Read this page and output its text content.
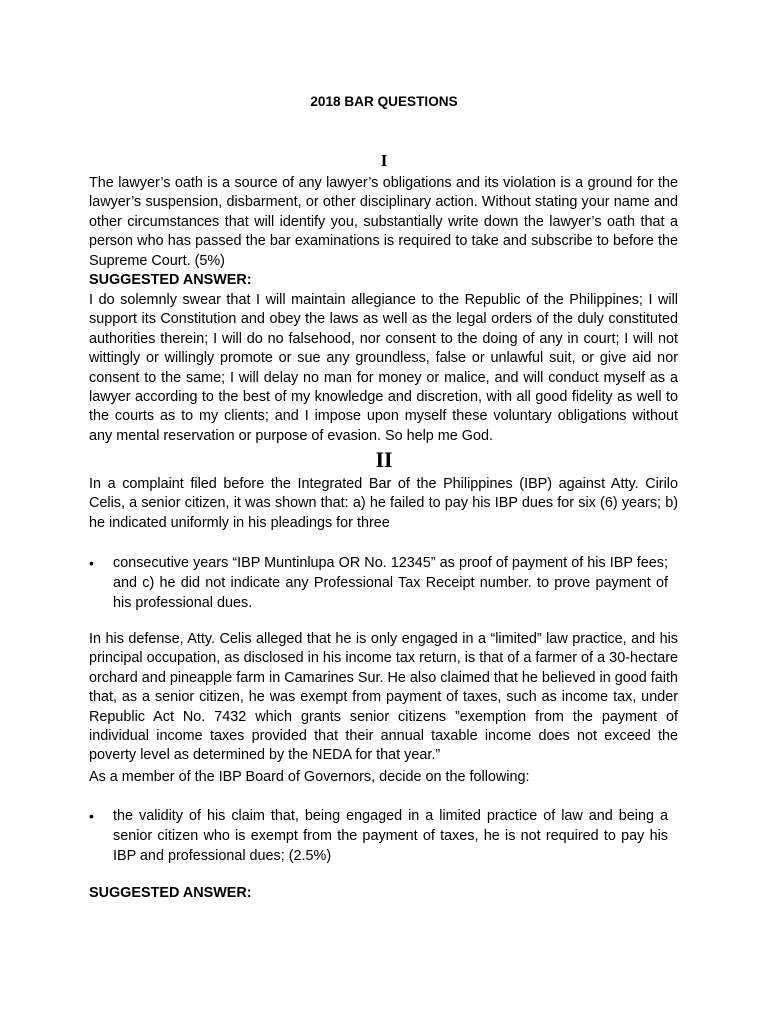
2018 BAR QUESTIONS
I

The lawyer’s oath is a source of any lawyer’s obligations and its violation is a ground for the lawyer’s suspension, disbarment, or other disciplinary action. Without stating your name and other circumstances that will identify you, substantially write down the lawyer’s oath that a person who has passed the bar examinations is required to take and subscribe to before the Supreme Court. (5%)

SUGGESTED ANSWER:

I do solemnly swear that I will maintain allegiance to the Republic of the Philippines; I will support its Constitution and obey the laws as well as the legal orders of the duly constituted authorities therein; I will do no falsehood, nor consent to the doing of any in court; I will not wittingly or willingly promote or sue any groundless, false or unlawful suit, or give aid nor consent to the same; I will delay no man for money or malice, and will conduct myself as a lawyer according to the best of my knowledge and discretion, with all good fidelity as well to the courts as to my clients; and I impose upon myself these voluntary obligations without any mental reservation or purpose of evasion. So help me God.

II

In a complaint filed before the Integrated Bar of the Philippines (IBP) against Atty. Cirilo Celis, a senior citizen, it was shown that: a) he failed to pay his IBP dues for six (6) years; b) he indicated uniformly in his pleadings for three

• consecutive years “IBP Muntinlupa OR No. 12345” as proof of payment of his IBP fees; and c) he did not indicate any Professional Tax Receipt number. to prove payment of his professional dues.

In his defense, Atty. Celis alleged that he is only engaged in a “limited” law practice, and his principal occupation, as disclosed in his income tax return, is that of a farmer of a 30-hectare orchard and pineapple farm in Camarines Sur. He also claimed that he believed in good faith that, as a senior citizen, he was exempt from payment of taxes, such as income tax, under Republic Act No. 7432 which grants senior citizens ”exemption from the payment of individual income taxes provided that their annual taxable income does not exceed the poverty level as determined by the NEDA for that year.”

As a member of the IBP Board of Governors, decide on the following:

• the validity of his claim that, being engaged in a limited practice of law and being a senior citizen who is exempt from the payment of taxes, he is not required to pay his IBP and professional dues; (2.5%)
SUGGESTED ANSWER:
